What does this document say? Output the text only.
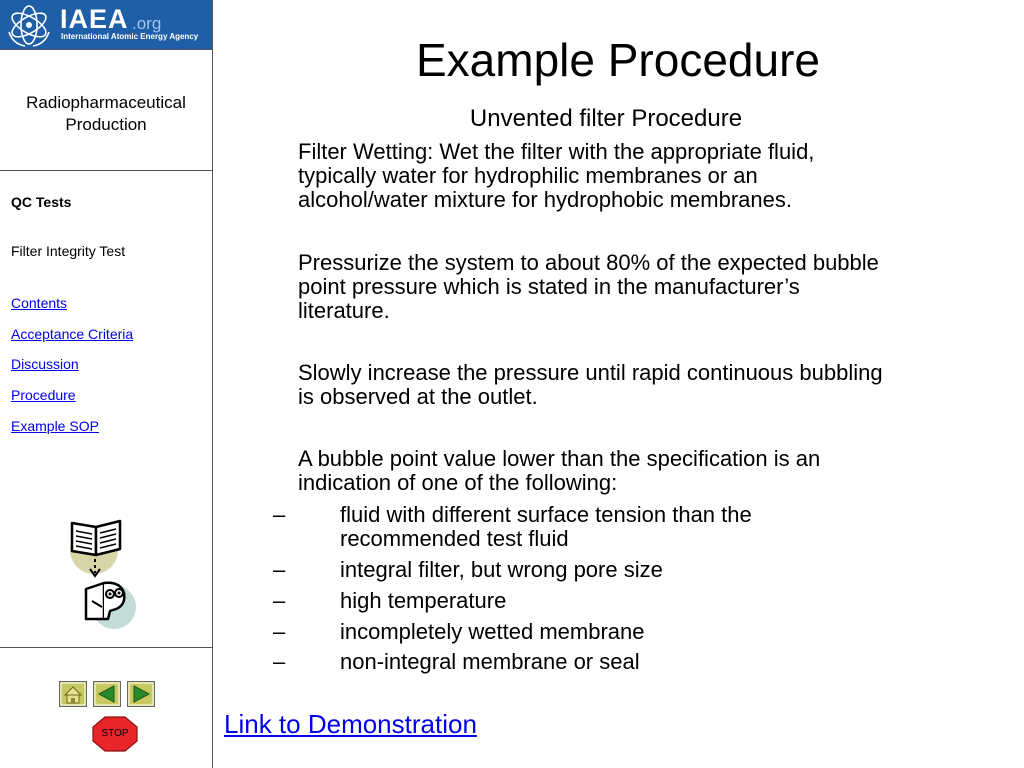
IAEA .org
International Atomic Energy Agency
Radiopharmaceutical
Production
QC Tests
Filter Integrity Test
Contents
Acceptance Criteria
Discussion
Procedure
Example SOP
STOP
Example Procedure
Unvented filter Procedure
Filter Wetting: Wet the filter with the appropriate fluid,
typically water for hydrophilic membranes or an
alcohol/water mixture for hydrophobic membranes.
Pressurize the system to about 80% of the expected bubble
point pressure which is stated in the manufacturer’s
literature.
Slowly increase the pressure until rapid continuous bubbling
is observed at the outlet.
A bubble point value lower than the specification is an
indication of one of the following:
– fluid with different surface tension than the
recommended test fluid
– integral filter, but wrong pore size
– high temperature
– incompletely wetted membrane
– non-integral membrane or seal
Link to Demonstration
